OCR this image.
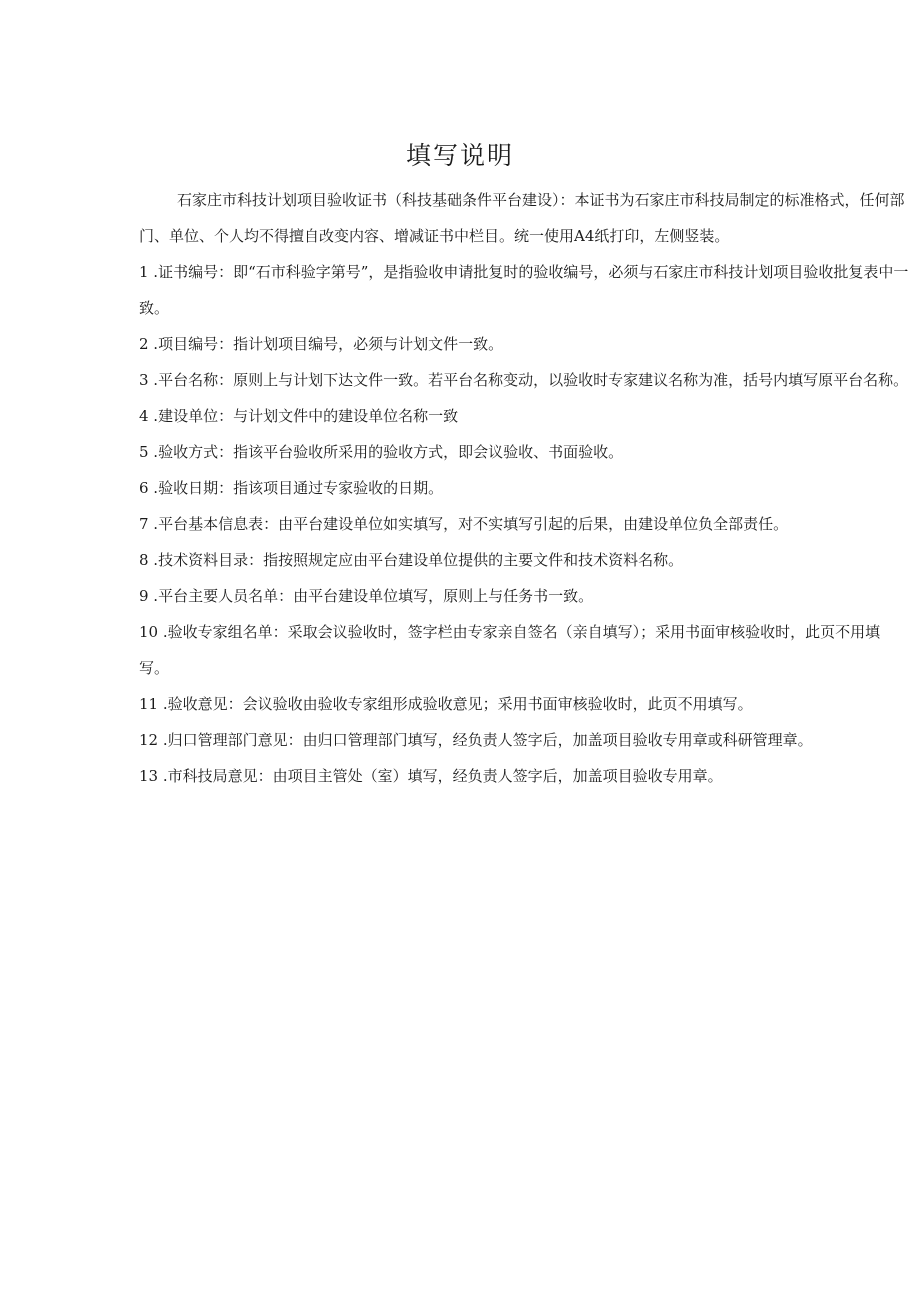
填写说明

石家庄市科技计划项目验收证书（科技基础条件平台建设）：本证书为石家庄市科技局制定的标准格式，任何部门、单位、个人均不得擅自改变内容、增减证书中栏目。统一使用A4纸打印，左侧竖装。

1 .证书编号：即“石市科验字第号”，是指验收申请批复时的验收编号，必须与石家庄市科技计划项目验收批复表中一致。

2 .项目编号：指计划项目编号，必须与计划文件一致。

3 .平台名称：原则上与计划下达文件一致。若平台名称变动，以验收时专家建议名称为准，括号内填写原平台名称。

4 .建设单位：与计划文件中的建设单位名称一致

5 .验收方式：指该平台验收所采用的验收方式，即会议验收、书面验收。

6 .验收日期：指该项目通过专家验收的日期。

7 .平台基本信息表：由平台建设单位如实填写，对不实填写引起的后果，由建设单位负全部责任。

8 .技术资料目录：指按照规定应由平台建设单位提供的主要文件和技术资料名称。

9 .平台主要人员名单：由平台建设单位填写，原则上与任务书一致。

10 .验收专家组名单：采取会议验收时，签字栏由专家亲自签名（亲自填写）；采用书面审核验收时，此页不用填写。

11 .验收意见：会议验收由验收专家组形成验收意见；采用书面审核验收时，此页不用填写。

12 .归口管理部门意见：由归口管理部门填写，经负责人签字后，加盖项目验收专用章或科研管理章。

13 .市科技局意见：由项目主管处（室）填写，经负责人签字后，加盖项目验收专用章。
